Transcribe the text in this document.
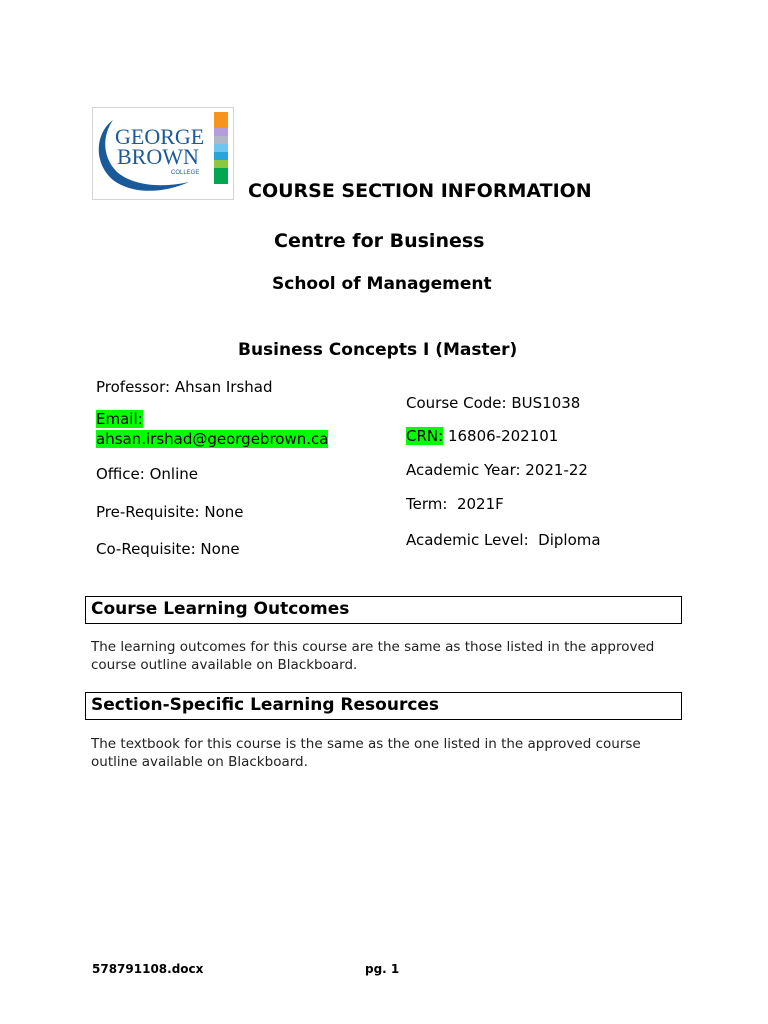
GEORGE
BROWN
COLLEGE
COURSE SECTION INFORMATION
Centre for Business
School of Management
Business Concepts I (Master)
Professor: Ahsan Irshad
Email:
ahsan.irshad@georgebrown.ca
Office: Online
Pre-Requisite: None
Co-Requisite: None
Course Code: BUS1038
CRN: 16806-202101
Academic Year: 2021-22
Term:  2021F
Academic Level:  Diploma
Course Learning Outcomes
The learning outcomes for this course are the same as those listed in the approved course outline available on Blackboard.
Section-Specific Learning Resources
The textbook for this course is the same as the one listed in the approved course outline available on Blackboard.
578791108.docx	pg. 1
